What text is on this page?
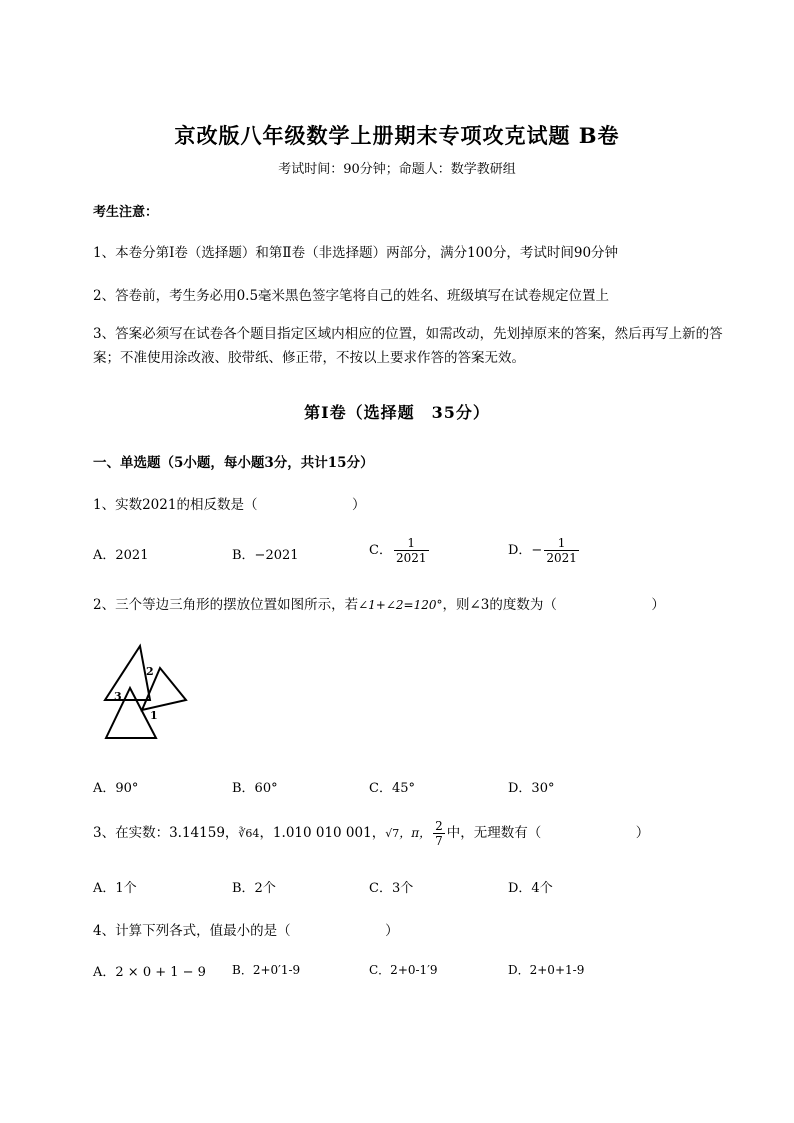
京改版八年级数学上册期末专项攻克试题 B卷
考试时间：90分钟；命题人：数学教研组
考生注意：
1、本卷分第I卷（选择题）和第Ⅱ卷（非选择题）两部分，满分100分，考试时间90分钟
2、答卷前，考生务必用0.5毫米黑色签字笔将自己的姓名、班级填写在试卷规定位置上
3、答案必须写在试卷各个题目指定区域内相应的位置，如需改动，先划掉原来的答案，然后再写上新的答案；不准使用涂改液、胶带纸、修正带，不按以上要求作答的答案无效。
第I卷（选择题　35分）
一、单选题（5小题，每小题3分，共计15分）
1、实数2021的相反数是（　　　　　　　）
A．2021	B．−2021	C． $\frac{1}{2021}$	D．− $\frac{1}{2021}$
2、三个等边三角形的摆放位置如图所示，若∠1+∠2=120°，则∠3的度数为（　　　　　　　）
2
3
1
A．90°	B．60°	C．45°	D．30°
3、在实数：3.14159，∛64，1.010 010 001，√7，π， $\frac{2}{7}$ 中，无理数有（　　　　　　　）
A．1个	B．2个	C．3个	D．4个
4、计算下列各式，值最小的是（　　　　　　　）
A．2 × 0 + 1 − 9 B．2+0′1-9	C．2+0-1′9	D．2+0+1-9
